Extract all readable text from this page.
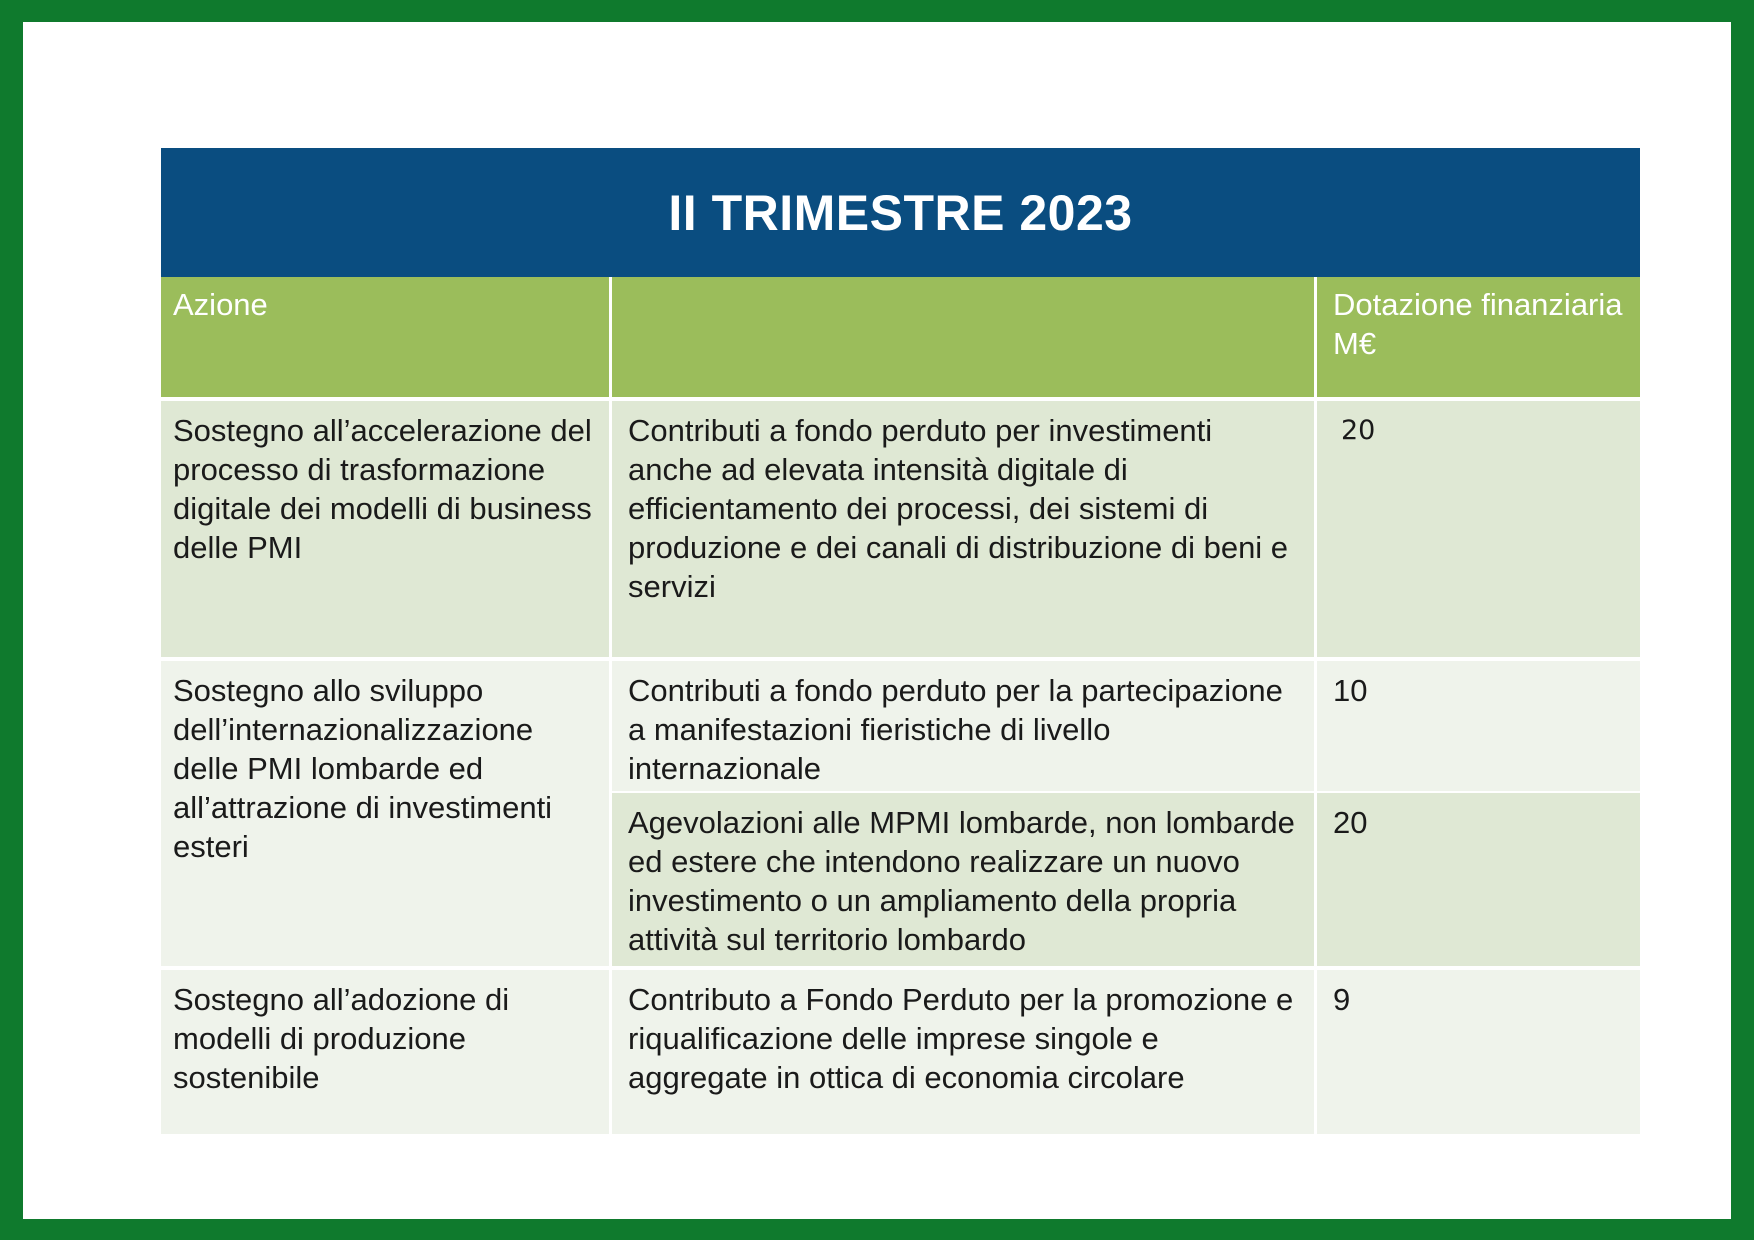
II TRIMESTRE 2023
Azione	Dotazione finanziaria M€
Sostegno all’accelerazione del processo di trasformazione digitale dei modelli di business delle PMI
Contributi a fondo perduto per investimenti anche ad elevata intensità digitale di efficientamento dei processi, dei sistemi di produzione e dei canali di distribuzione di beni e servizi
20
Sostegno allo sviluppo dell’internazionalizzazione delle PMI lombarde ed all’attrazione di investimenti esteri
Contributi a fondo perduto per la partecipazione a manifestazioni fieristiche di livello internazionale
10
Agevolazioni alle MPMI lombarde, non lombarde ed estere che intendono realizzare un nuovo investimento o un ampliamento della propria attività sul territorio lombardo
20
Sostegno all’adozione di modelli di produzione sostenibile
Contributo a Fondo Perduto per la promozione e riqualificazione delle imprese singole e aggregate in ottica di economia circolare
9
